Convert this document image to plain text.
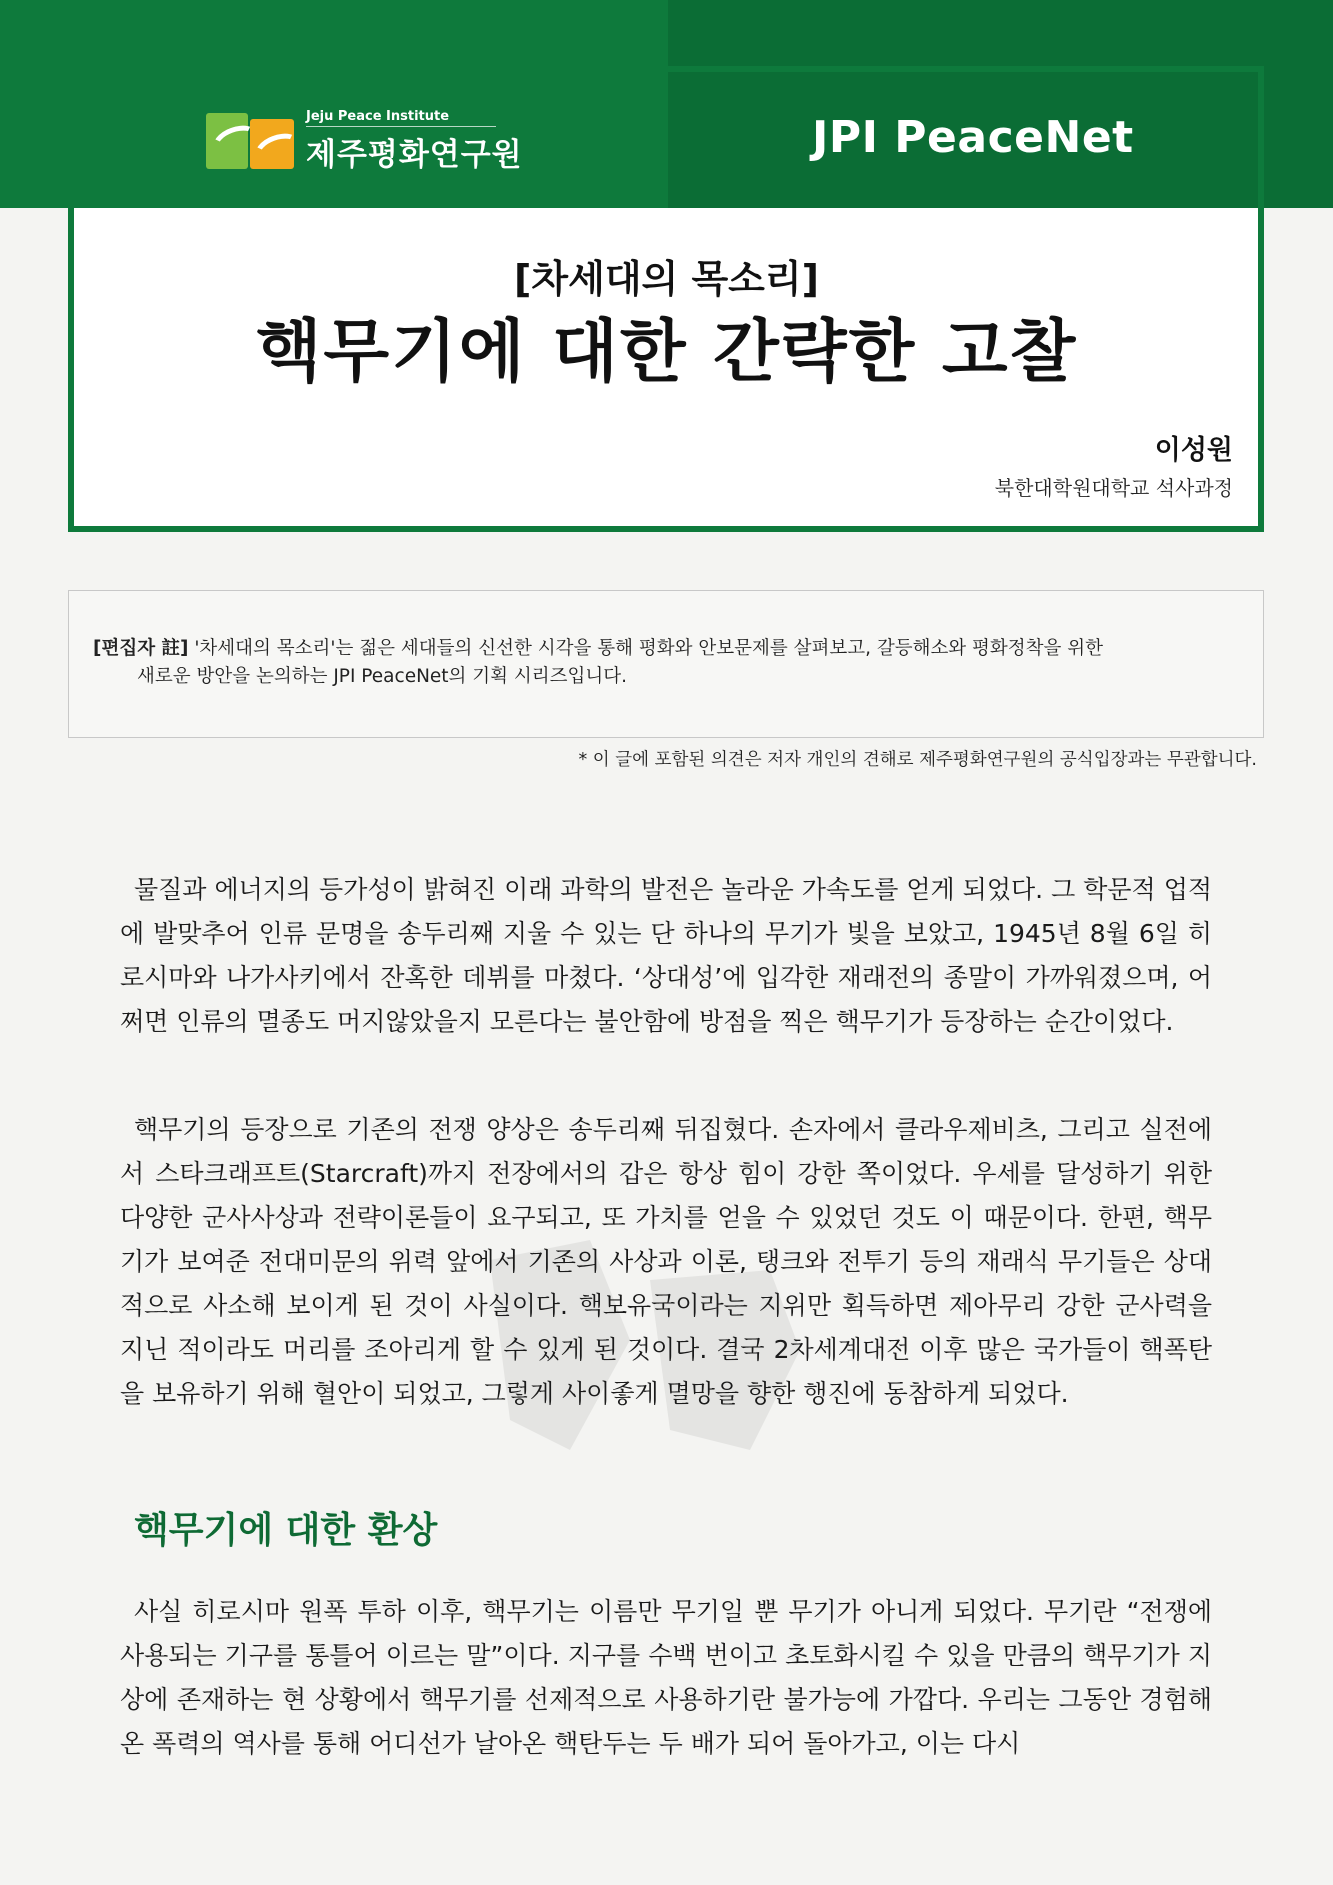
Jeju Peace Institute
제주평화연구원	JPI PeaceNet
[차세대의 목소리]
핵무기에 대한 간략한 고찰
이성원
북한대학원대학교 석사과정
[편집자 註] '차세대의 목소리'는 젊은 세대들의 신선한 시각을 통해 평화와 안보문제를 살펴보고, 갈등해소와 평화정착을 위한
새로운 방안을 논의하는 JPI PeaceNet의 기획 시리즈입니다.
* 이 글에 포함된 의견은 저자 개인의 견해로 제주평화연구원의 공식입장과는 무관합니다.

물질과 에너지의 등가성이 밝혀진 이래 과학의 발전은 놀라운 가속도를 얻게 되었다. 그 학문적 업적에 발맞추어 인류 문명을 송두리째 지울 수 있는 단 하나의 무기가 빛을 보았고, 1945년 8월 6일 히로시마와 나가사키에서 잔혹한 데뷔를 마쳤다. ‘상대성’에 입각한 재래전의 종말이 가까워졌으며, 어쩌면 인류의 멸종도 머지않았을지 모른다는 불안함에 방점을 찍은 핵무기가 등장하는 순간이었다.

핵무기의 등장으로 기존의 전쟁 양상은 송두리째 뒤집혔다. 손자에서 클라우제비츠, 그리고 실전에서 스타크래프트(Starcraft)까지 전장에서의 갑은 항상 힘이 강한 쪽이었다. 우세를 달성하기 위한 다양한 군사사상과 전략이론들이 요구되고, 또 가치를 얻을 수 있었던 것도 이 때문이다. 한편, 핵무기가 보여준 전대미문의 위력 앞에서 기존의 사상과 이론, 탱크와 전투기 등의 재래식 무기들은 상대적으로 사소해 보이게 된 것이 사실이다. 핵보유국이라는 지위만 획득하면 제아무리 강한 군사력을 지닌 적이라도 머리를 조아리게 할 수 있게 된 것이다. 결국 2차세계대전 이후 많은 국가들이 핵폭탄을 보유하기 위해 혈안이 되었고, 그렇게 사이좋게 멸망을 향한 행진에 동참하게 되었다.

핵무기에 대한 환상

사실 히로시마 원폭 투하 이후, 핵무기는 이름만 무기일 뿐 무기가 아니게 되었다. 무기란 “전쟁에 사용되는 기구를 통틀어 이르는 말”이다. 지구를 수백 번이고 초토화시킬 수 있을 만큼의 핵무기가 지상에 존재하는 현 상황에서 핵무기를 선제적으로 사용하기란 불가능에 가깝다. 우리는 그동안 경험해 온 폭력의 역사를 통해 어디선가 날아온 핵탄두는 두 배가 되어 돌아가고, 이는 다시
